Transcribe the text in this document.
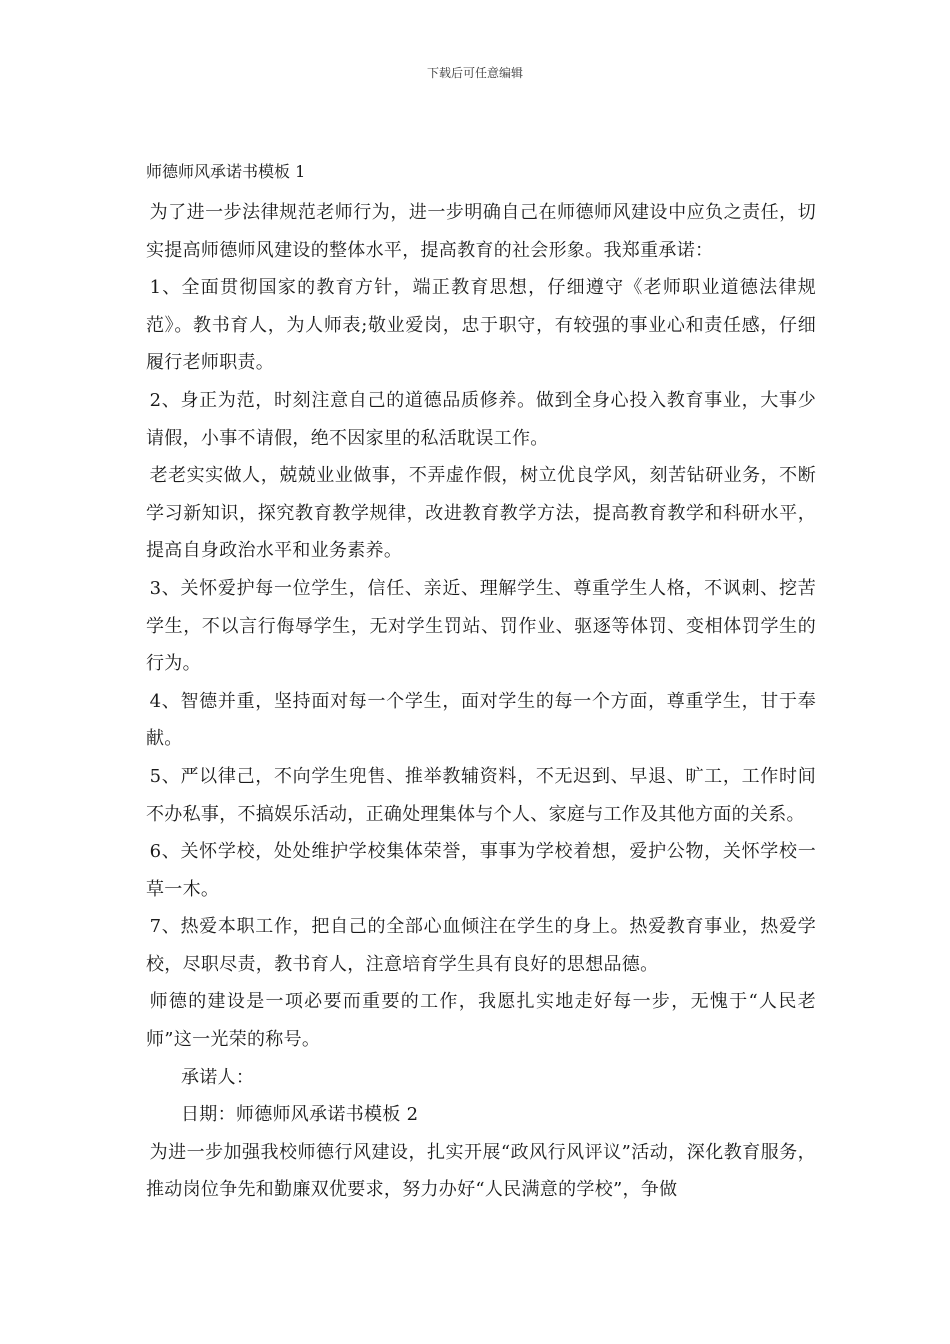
下载后可任意编辑
师德师风承诺书模板 1

为了进一步法律规范老师行为，进一步明确自己在师德师风建设中应负之责任，切实提高师德师风建设的整体水平，提高教育的社会形象。我郑重承诺：

1、全面贯彻国家的教育方针，端正教育思想，仔细遵守《老师职业道德法律规范》。教书育人，为人师表;敬业爱岗，忠于职守，有较强的事业心和责任感，仔细履行老师职责。

2、身正为范，时刻注意自己的道德品质修养。做到全身心投入教育事业，大事少请假，小事不请假，绝不因家里的私活耽误工作。

老老实实做人，兢兢业业做事，不弄虚作假，树立优良学风，刻苦钻研业务，不断学习新知识，探究教育教学规律，改进教育教学方法，提高教育教学和科研水平，提高自身政治水平和业务素养。

3、关怀爱护每一位学生，信任、亲近、理解学生、尊重学生人格，不讽刺、挖苦学生，不以言行侮辱学生，无对学生罚站、罚作业、驱逐等体罚、变相体罚学生的行为。

4、智德并重，坚持面对每一个学生，面对学生的每一个方面，尊重学生，甘于奉献。

5、严以律己，不向学生兜售、推举教辅资料，不无迟到、早退、旷工，工作时间不办私事，不搞娱乐活动，正确处理集体与个人、家庭与工作及其他方面的关系。

6、关怀学校，处处维护学校集体荣誉，事事为学校着想，爱护公物，关怀学校一草一木。

7、热爱本职工作，把自己的全部心血倾注在学生的身上。热爱教育事业，热爱学校，尽职尽责，教书育人，注意培育学生具有良好的思想品德。

师德的建设是一项必要而重要的工作，我愿扎实地走好每一步，无愧于“人民老师”这一光荣的称号。

承诺人：

日期：师德师风承诺书模板 2

为进一步加强我校师德行风建设，扎实开展“政风行风评议”活动，深化教育服务，推动岗位争先和勤廉双优要求，努力办好“人民满意的学校”，争做
